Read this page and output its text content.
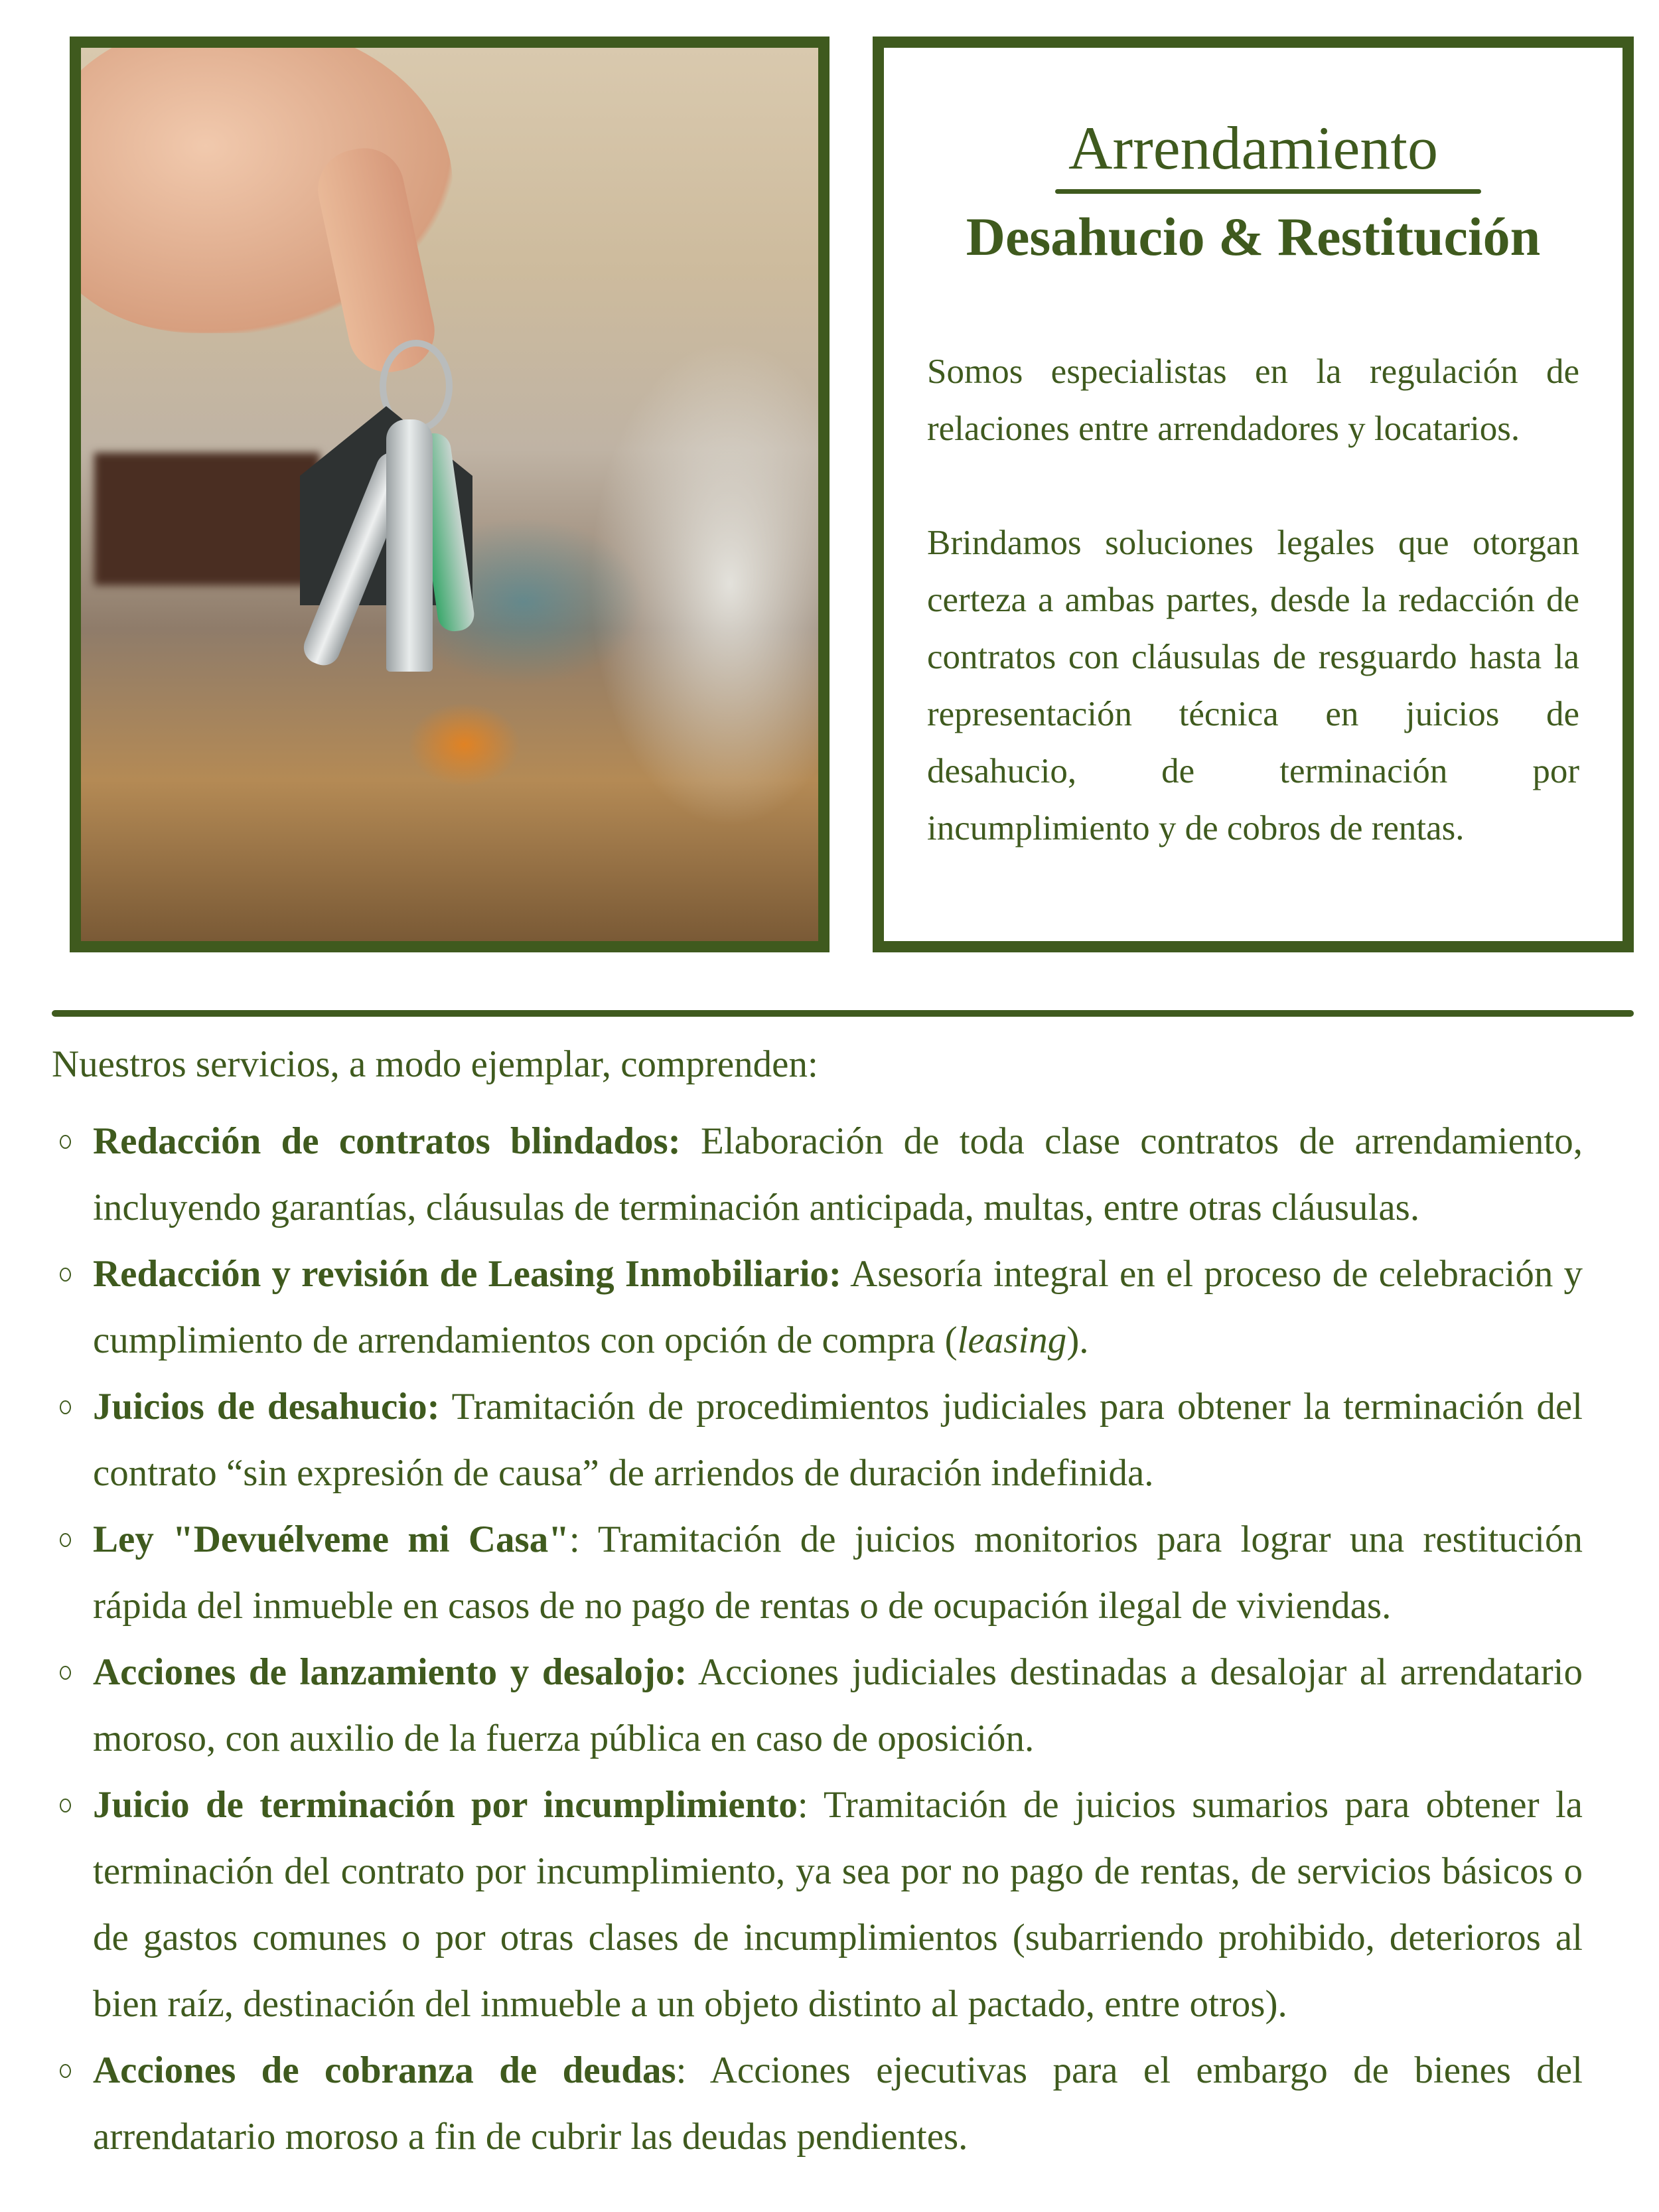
Arrendamiento
Desahucio & Restitución

Somos especialistas en la regulación de relaciones entre arrendadores y locatarios.

Brindamos soluciones legales que otorgan certeza a ambas partes, desde la redacción de contratos con cláusulas de resguardo hasta la representación técnica en juicios de desahucio, de terminación por incumplimiento y de cobros de rentas.

Nuestros servicios, a modo ejemplar, comprenden:
Redacción de contratos blindados: Elaboración de toda clase contratos de arrendamiento, incluyendo garantías, cláusulas de terminación anticipada, multas, entre otras cláusulas.
Redacción y revisión de Leasing Inmobiliario: Asesoría integral en el proceso de celebración y cumplimiento de arrendamientos con opción de compra (leasing).
Juicios de desahucio: Tramitación de procedimientos judiciales para obtener la terminación del contrato “sin expresión de causa” de arriendos de duración indefinida.
Ley "Devuélveme mi Casa": Tramitación de juicios monitorios para lograr una restitución rápida del inmueble en casos de no pago de rentas o de ocupación ilegal de viviendas.
Acciones de lanzamiento y desalojo: Acciones judiciales destinadas a desalojar al arrendatario moroso, con auxilio de la fuerza pública en caso de oposición.
Juicio de terminación por incumplimiento: Tramitación de juicios sumarios para obtener la terminación del contrato por incumplimiento, ya sea por no pago de rentas, de servicios básicos o de gastos comunes o por otras clases de incumplimientos (subarriendo prohibido, deterioros al bien raíz, destinación del inmueble a un objeto distinto al pactado, entre otros).
Acciones de cobranza de deudas: Acciones ejecutivas para el embargo de bienes del arrendatario moroso a fin de cubrir las deudas pendientes.
